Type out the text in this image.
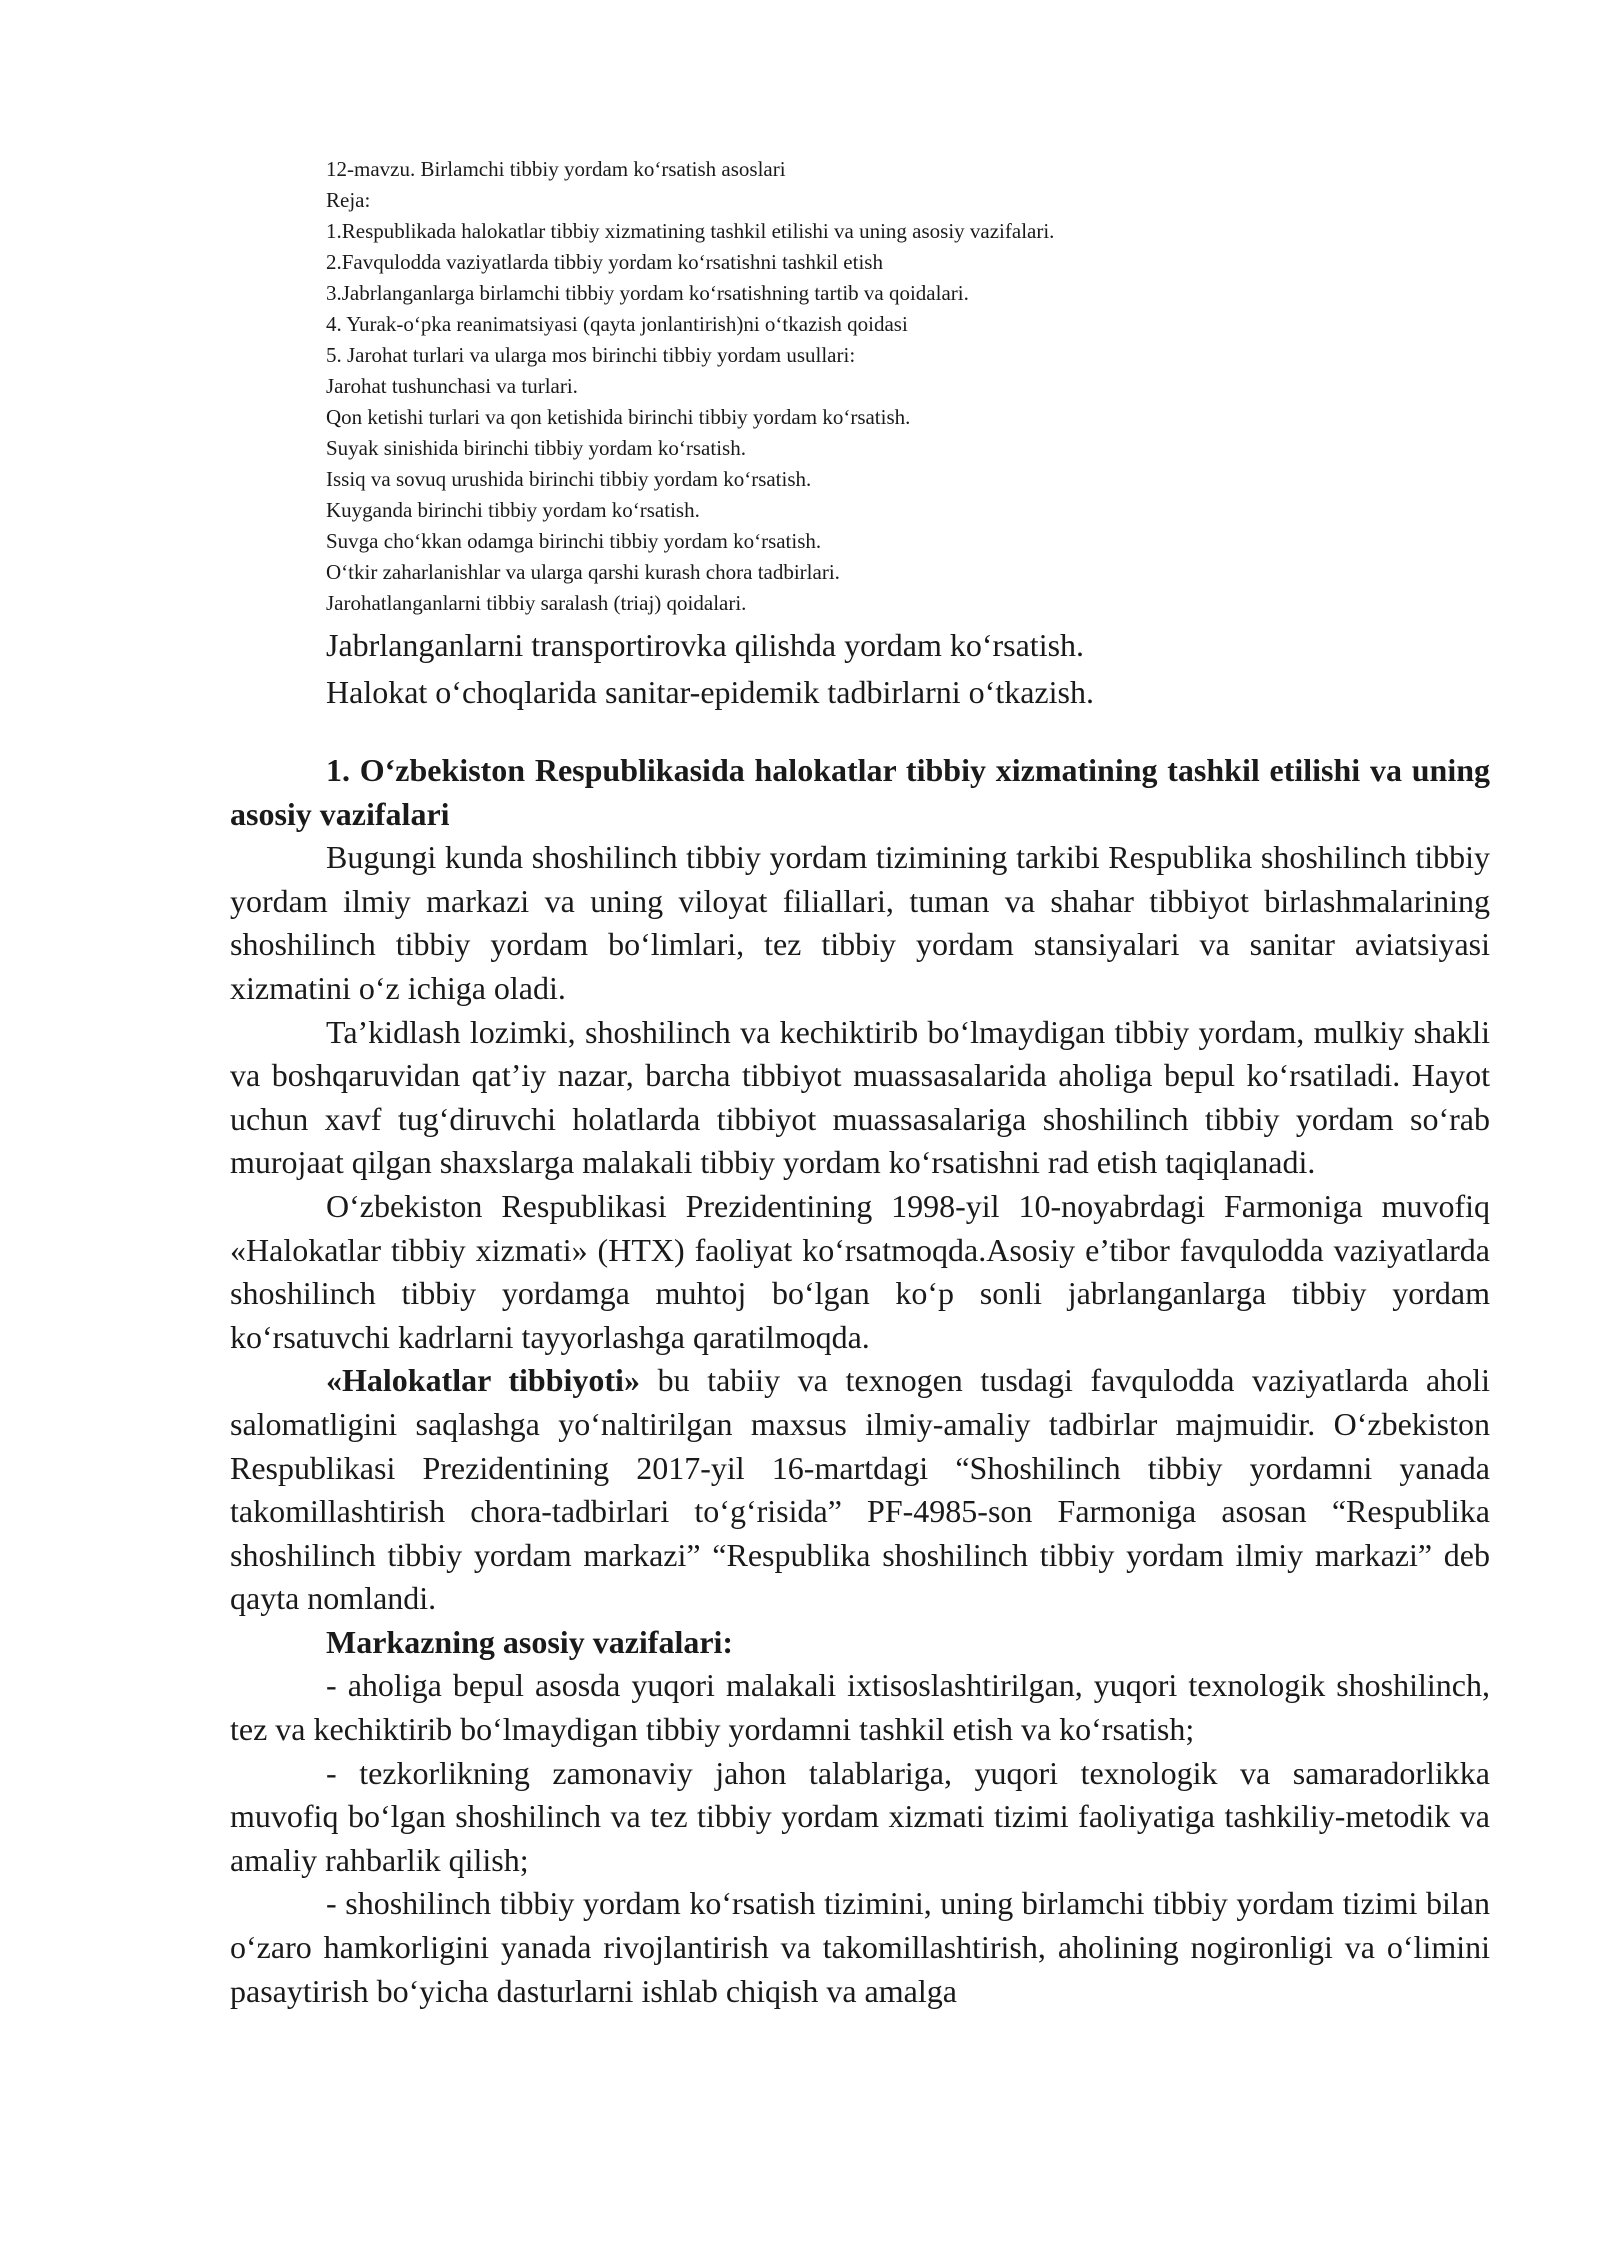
12-mavzu. Birlamchi tibbiy yordam koʻrsatish asoslari
Reja:
1.Respublikada halokatlar tibbiy xizmatining tashkil etilishi va uning asosiy vazifalari.
2.Favqulodda vaziyatlarda tibbiy yordam koʻrsatishni tashkil etish
3.Jabrlanganlarga birlamchi tibbiy yordam koʻrsatishning tartib va qoidalari.
4. Yurak-oʻpka reanimatsiyasi (qayta jonlantirish)ni oʻtkazish qoidasi
5. Jarohat turlari va ularga mos birinchi tibbiy yordam usullari:
Jarohat tushunchasi va turlari.
Qon ketishi turlari va qon ketishida birinchi tibbiy yordam koʻrsatish.
Suyak sinishida birinchi tibbiy yordam koʻrsatish.
Issiq va sovuq urushida birinchi tibbiy yordam koʻrsatish.
Kuyganda birinchi tibbiy yordam koʻrsatish.
Suvga choʻkkan odamga birinchi tibbiy yordam koʻrsatish.
Oʻtkir zaharlanishlar va ularga qarshi kurash chora tadbirlari.
Jarohatlanganlarni tibbiy saralash (triaj) qoidalari.
Jabrlanganlarni transportirovka qilishda yordam koʻrsatish.
Halokat oʻchoqlarida sanitar-epidemik tadbirlarni oʻtkazish.

1. Oʻzbekiston Respublikasida halokatlar tibbiy xizmatining tashkil etilishi va uning asosiy vazifalari

Bugungi kunda shoshilinch tibbiy yordam tizimining tarkibi Respublika shoshilinch tibbiy yordam ilmiy markazi va uning viloyat filiallari, tuman va shahar tibbiyot birlashmalarining shoshilinch tibbiy yordam boʻlimlari, tez tibbiy yordam stansiyalari va sanitar aviatsiyasi xizmatini oʻz ichiga oladi.

Ta’kidlash lozimki, shoshilinch va kechiktirib boʻlmaydigan tibbiy yordam, mulkiy shakli va boshqaruvidan qat’iy nazar, barcha tibbiyot muassasalarida aholiga bepul koʻrsatiladi. Hayot uchun xavf tugʻdiruvchi holatlarda tibbiyot muassasalariga shoshilinch tibbiy yordam soʻrab murojaat qilgan shaxslarga malakali tibbiy yordam koʻrsatishni rad etish taqiqlanadi.

Oʻzbekiston Respublikasi Prezidentining 1998-yil 10-noyabrdagi Farmoniga muvofiq «Halokatlar tibbiy xizmati» (HTX) faoliyat koʻrsatmoqda.Asosiy e’tibor favqulodda vaziyatlarda shoshilinch tibbiy yordamga muhtoj boʻlgan koʻp sonli jabrlanganlarga tibbiy yordam koʻrsatuvchi kadrlarni tayyorlashga qaratilmoqda.

«Halokatlar tibbiyoti» bu tabiiy va texnogen tusdagi favqulodda vaziyatlarda aholi salomatligini saqlashga yoʻnaltirilgan maxsus ilmiy-amaliy tadbirlar majmuidir. Oʻzbekiston Respublikasi Prezidentining 2017-yil 16-martdagi “Shoshilinch tibbiy yordamni yanada takomillashtirish chora-tadbirlari toʻgʻrisida” PF-4985-son Farmoniga asosan “Respublika shoshilinch tibbiy yordam markazi” “Respublika shoshilinch tibbiy yordam ilmiy markazi” deb qayta nomlandi.

Markazning asosiy vazifalari:

- aholiga bepul asosda yuqori malakali ixtisoslashtirilgan, yuqori texnologik shoshilinch, tez va kechiktirib boʻlmaydigan tibbiy yordamni tashkil etish va koʻrsatish;

- tezkorlikning zamonaviy jahon talablariga, yuqori texnologik va samaradorlikka muvofiq boʻlgan shoshilinch va tez tibbiy yordam xizmati tizimi faoliyatiga tashkiliy-metodik va amaliy rahbarlik qilish;

- shoshilinch tibbiy yordam koʻrsatish tizimini, uning birlamchi tibbiy yordam tizimi bilan oʻzaro hamkorligini yanada rivojlantirish va takomillashtirish, aholining nogironligi va oʻlimini pasaytirish boʻyicha dasturlarni ishlab chiqish va amalga
